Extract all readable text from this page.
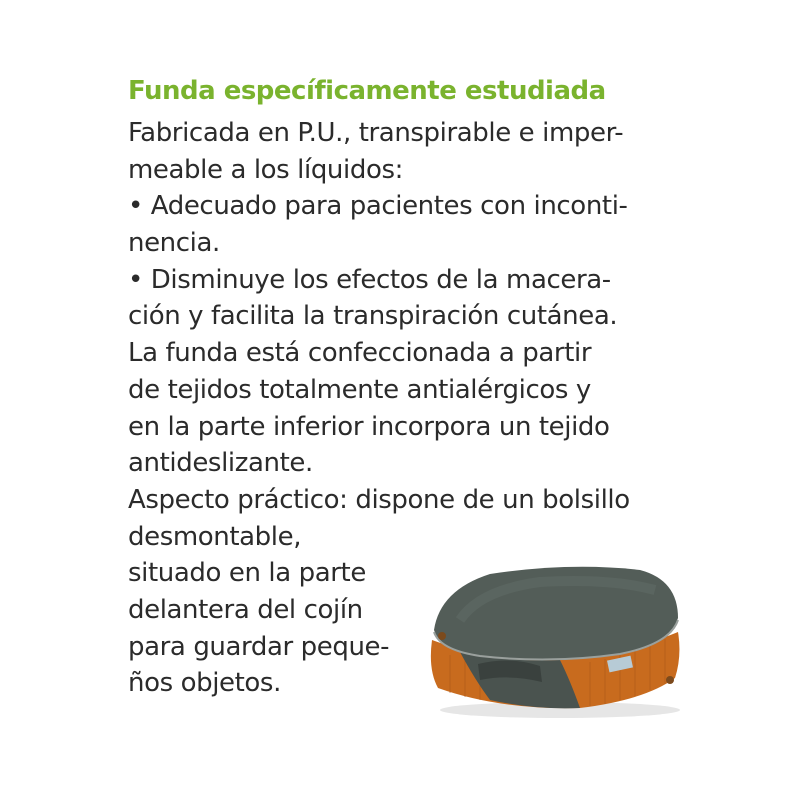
Funda específicamente estudiada
Fabricada en P.U., transpirable e imper-
meable a los líquidos:
• Adecuado para pacientes con inconti-
nencia.
• Disminuye los efectos de la macera-
ción y facilita la transpiración cutánea.
La funda está confeccionada a partir
de tejidos totalmente antialérgicos y
en la parte inferior incorpora un tejido
antideslizante.
Aspecto práctico: dispone de un bolsillo
desmontable,
situado en la parte
delantera del cojín
para guardar peque-
ños objetos.
